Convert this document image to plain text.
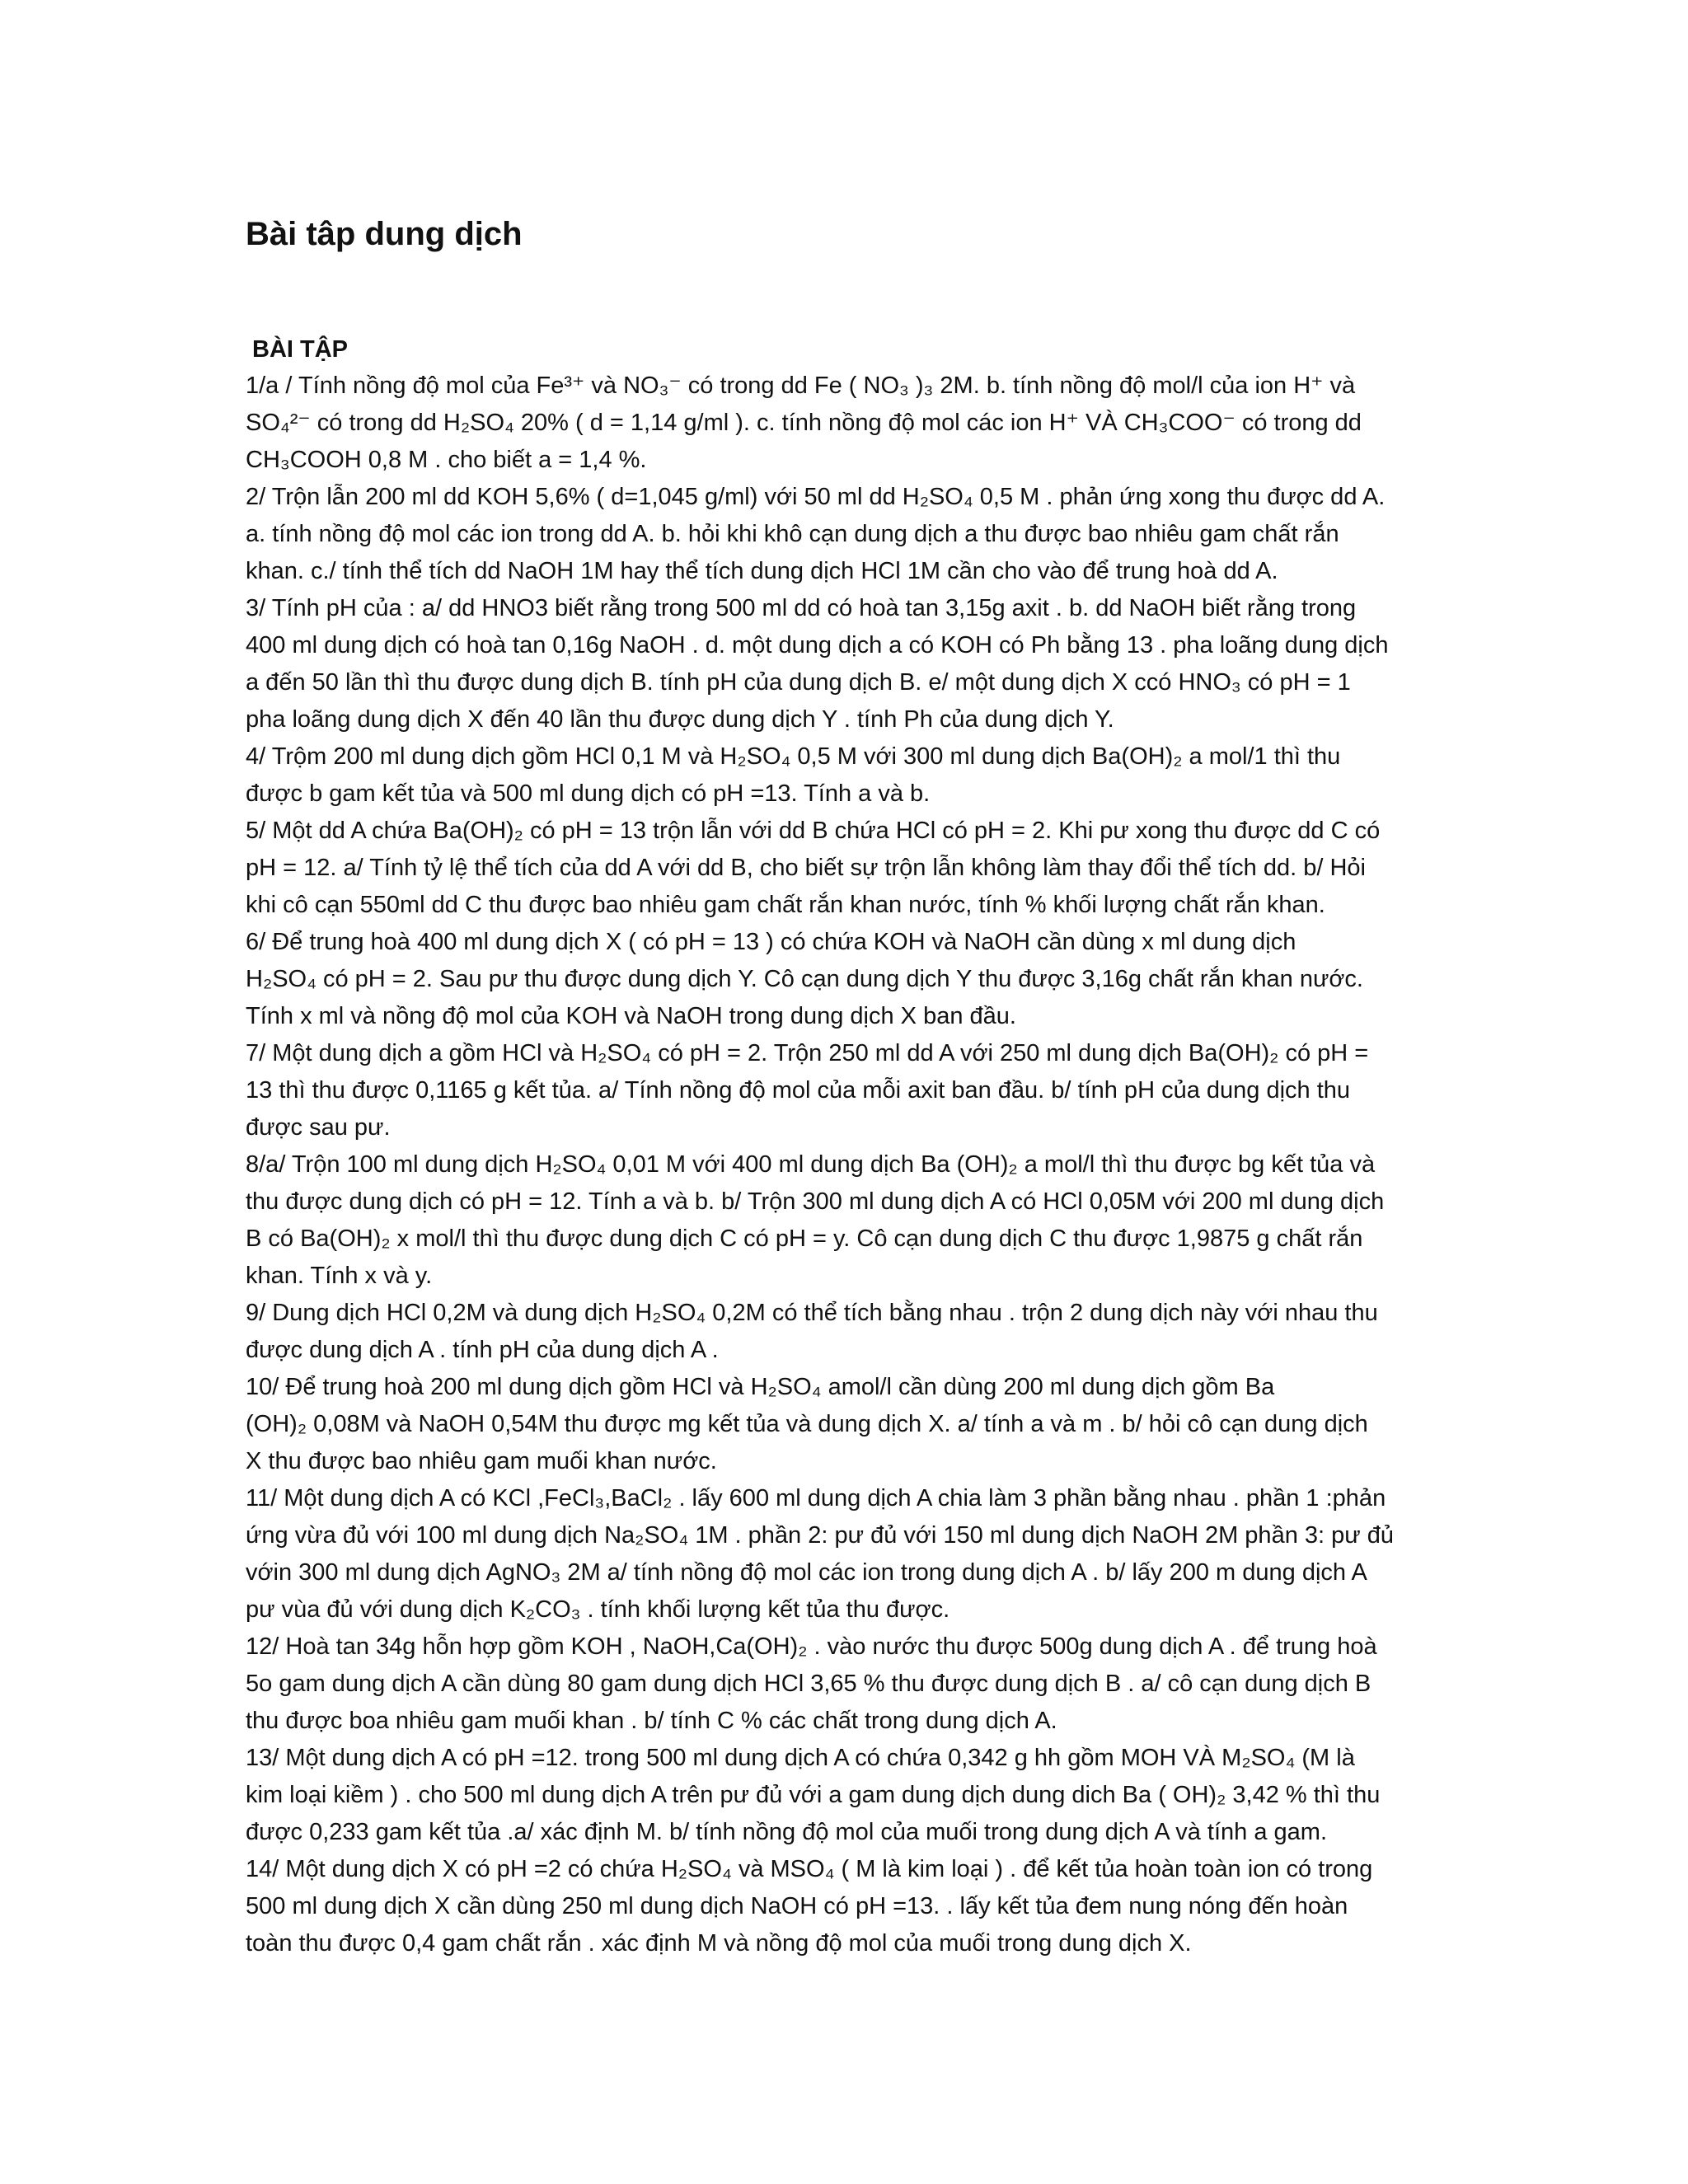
Bài tâp dung dịch
BÀI TẬP
1/a / Tính nồng độ mol của Fe³⁺ và NO₃⁻ có trong dd Fe ( NO₃ )₃ 2M. b. tính nồng độ mol/l của ion H⁺ và
SO₄²⁻ có trong dd H₂SO₄ 20% ( d = 1,14 g/ml ). c. tính nồng độ mol các ion H⁺ VÀ CH₃COO⁻ có trong dd
CH₃COOH 0,8 M . cho biết a = 1,4 %.
2/ Trộn lẫn 200 ml dd KOH 5,6% ( d=1,045 g/ml) với 50 ml dd H₂SO₄ 0,5 M . phản ứng xong thu được dd A.
a. tính nồng độ mol các ion trong dd A. b. hỏi khi khô cạn dung dịch a thu được bao nhiêu gam chất rắn
khan. c./ tính thể tích dd NaOH 1M hay thể tích dung dịch HCl 1M cần cho vào để trung hoà dd A.
3/ Tính pH của : a/ dd HNO3 biết rằng trong 500 ml dd có hoà tan 3,15g axit . b. dd NaOH biết rằng trong
400 ml dung dịch có hoà tan 0,16g NaOH . d. một dung dịch a có KOH có Ph bằng 13 . pha loãng dung dịch
a đến 50 lần thì thu được dung dịch B. tính pH của dung dịch B. e/ một dung dịch X ccó HNO₃ có pH = 1
pha loãng dung dịch X đến 40 lần thu được dung dịch Y . tính Ph của dung dịch Y.
4/ Trộm 200 ml dung dịch gồm HCl 0,1 M và H₂SO₄ 0,5 M với 300 ml dung dịch Ba(OH)₂ a mol/1 thì thu
được b gam kết tủa và 500 ml dung dịch có pH =13. Tính a và b.
5/ Một dd A chứa Ba(OH)₂ có pH = 13 trộn lẫn với dd B chứa HCl có pH = 2. Khi pư xong thu được dd C có
pH = 12. a/ Tính tỷ lệ thể tích của dd A với dd B, cho biết sự trộn lẫn không làm thay đổi thể tích dd. b/ Hỏi
khi cô cạn 550ml dd C thu được bao nhiêu gam chất rắn khan nước, tính % khối lượng chất rắn khan.
6/ Để trung hoà 400 ml dung dịch X ( có pH = 13 ) có chứa KOH và NaOH cần dùng x ml dung dịch
H₂SO₄ có pH = 2. Sau pư thu được dung dịch Y. Cô cạn dung dịch Y thu được 3,16g chất rắn khan nước.
Tính x ml và nồng độ mol của KOH và NaOH trong dung dịch X ban đầu.
7/ Một dung dịch a gồm HCl và H₂SO₄ có pH = 2. Trộn 250 ml dd A với 250 ml dung dịch Ba(OH)₂ có pH =
13 thì thu được 0,1165 g kết tủa. a/ Tính nồng độ mol của mỗi axit ban đầu. b/ tính pH của dung dịch thu
được sau pư.
8/a/ Trộn 100 ml dung dịch H₂SO₄ 0,01 M với 400 ml dung dịch Ba (OH)₂ a mol/l thì thu được bg kết tủa và
thu được dung dịch có pH = 12. Tính a và b. b/ Trộn 300 ml dung dịch A có HCl 0,05M với 200 ml dung dịch
B có Ba(OH)₂ x mol/l thì thu được dung dịch C có pH = y. Cô cạn dung dịch C thu được 1,9875 g chất rắn
khan. Tính x và y.
9/ Dung dịch HCl 0,2M và dung dịch H₂SO₄ 0,2M có thể tích bằng nhau . trộn 2 dung dịch này với nhau thu
được dung dịch A . tính pH của dung dịch A .
10/ Để trung hoà 200 ml dung dịch gồm HCl và H₂SO₄ amol/l cần dùng 200 ml dung dịch gồm Ba
(OH)₂ 0,08M và NaOH 0,54M thu được mg kết tủa và dung dịch X. a/ tính a và m . b/ hỏi cô cạn dung dịch
X thu được bao nhiêu gam muối khan nước.
11/ Một dung dịch A có KCl ,FeCl₃,BaCl₂ . lấy 600 ml dung dịch A chia làm 3 phần bằng nhau . phần 1 :phản
ứng vừa đủ với 100 ml dung dịch Na₂SO₄ 1M . phần 2: pư đủ với 150 ml dung dịch NaOH 2M phần 3: pư đủ
vớin 300 ml dung dịch AgNO₃ 2M a/ tính nồng độ mol các ion trong dung dịch A . b/ lấy 200 m dung dịch A
pư vùa đủ với dung dịch K₂CO₃ . tính khối lượng kết tủa thu được.
12/ Hoà tan 34g hỗn hợp gồm KOH , NaOH,Ca(OH)₂ . vào nước thu được 500g dung dịch A . để trung hoà
5o gam dung dịch A cần dùng 80 gam dung dịch HCl 3,65 % thu được dung dịch B . a/ cô cạn dung dịch B
thu được boa nhiêu gam muối khan . b/ tính C % các chất trong dung dịch A.
13/ Một dung dịch A có pH =12. trong 500 ml dung dịch A có chứa 0,342 g hh gồm MOH VÀ M₂SO₄ (M là
kim loại kiềm ) . cho 500 ml dung dịch A trên pư đủ với a gam dung dịch dung dich Ba ( OH)₂ 3,42 % thì thu
được 0,233 gam kết tủa .a/ xác định M. b/ tính nồng độ mol của muối trong dung dịch A và tính a gam.
14/ Một dung dịch X có pH =2 có chứa H₂SO₄ và MSO₄ ( M là kim loại ) . để kết tủa hoàn toàn ion có trong
500 ml dung dịch X cần dùng 250 ml dung dịch NaOH có pH =13. . lấy kết tủa đem nung nóng đến hoàn
toàn thu được 0,4 gam chất rắn . xác định M và nồng độ mol của muối trong dung dịch X.
